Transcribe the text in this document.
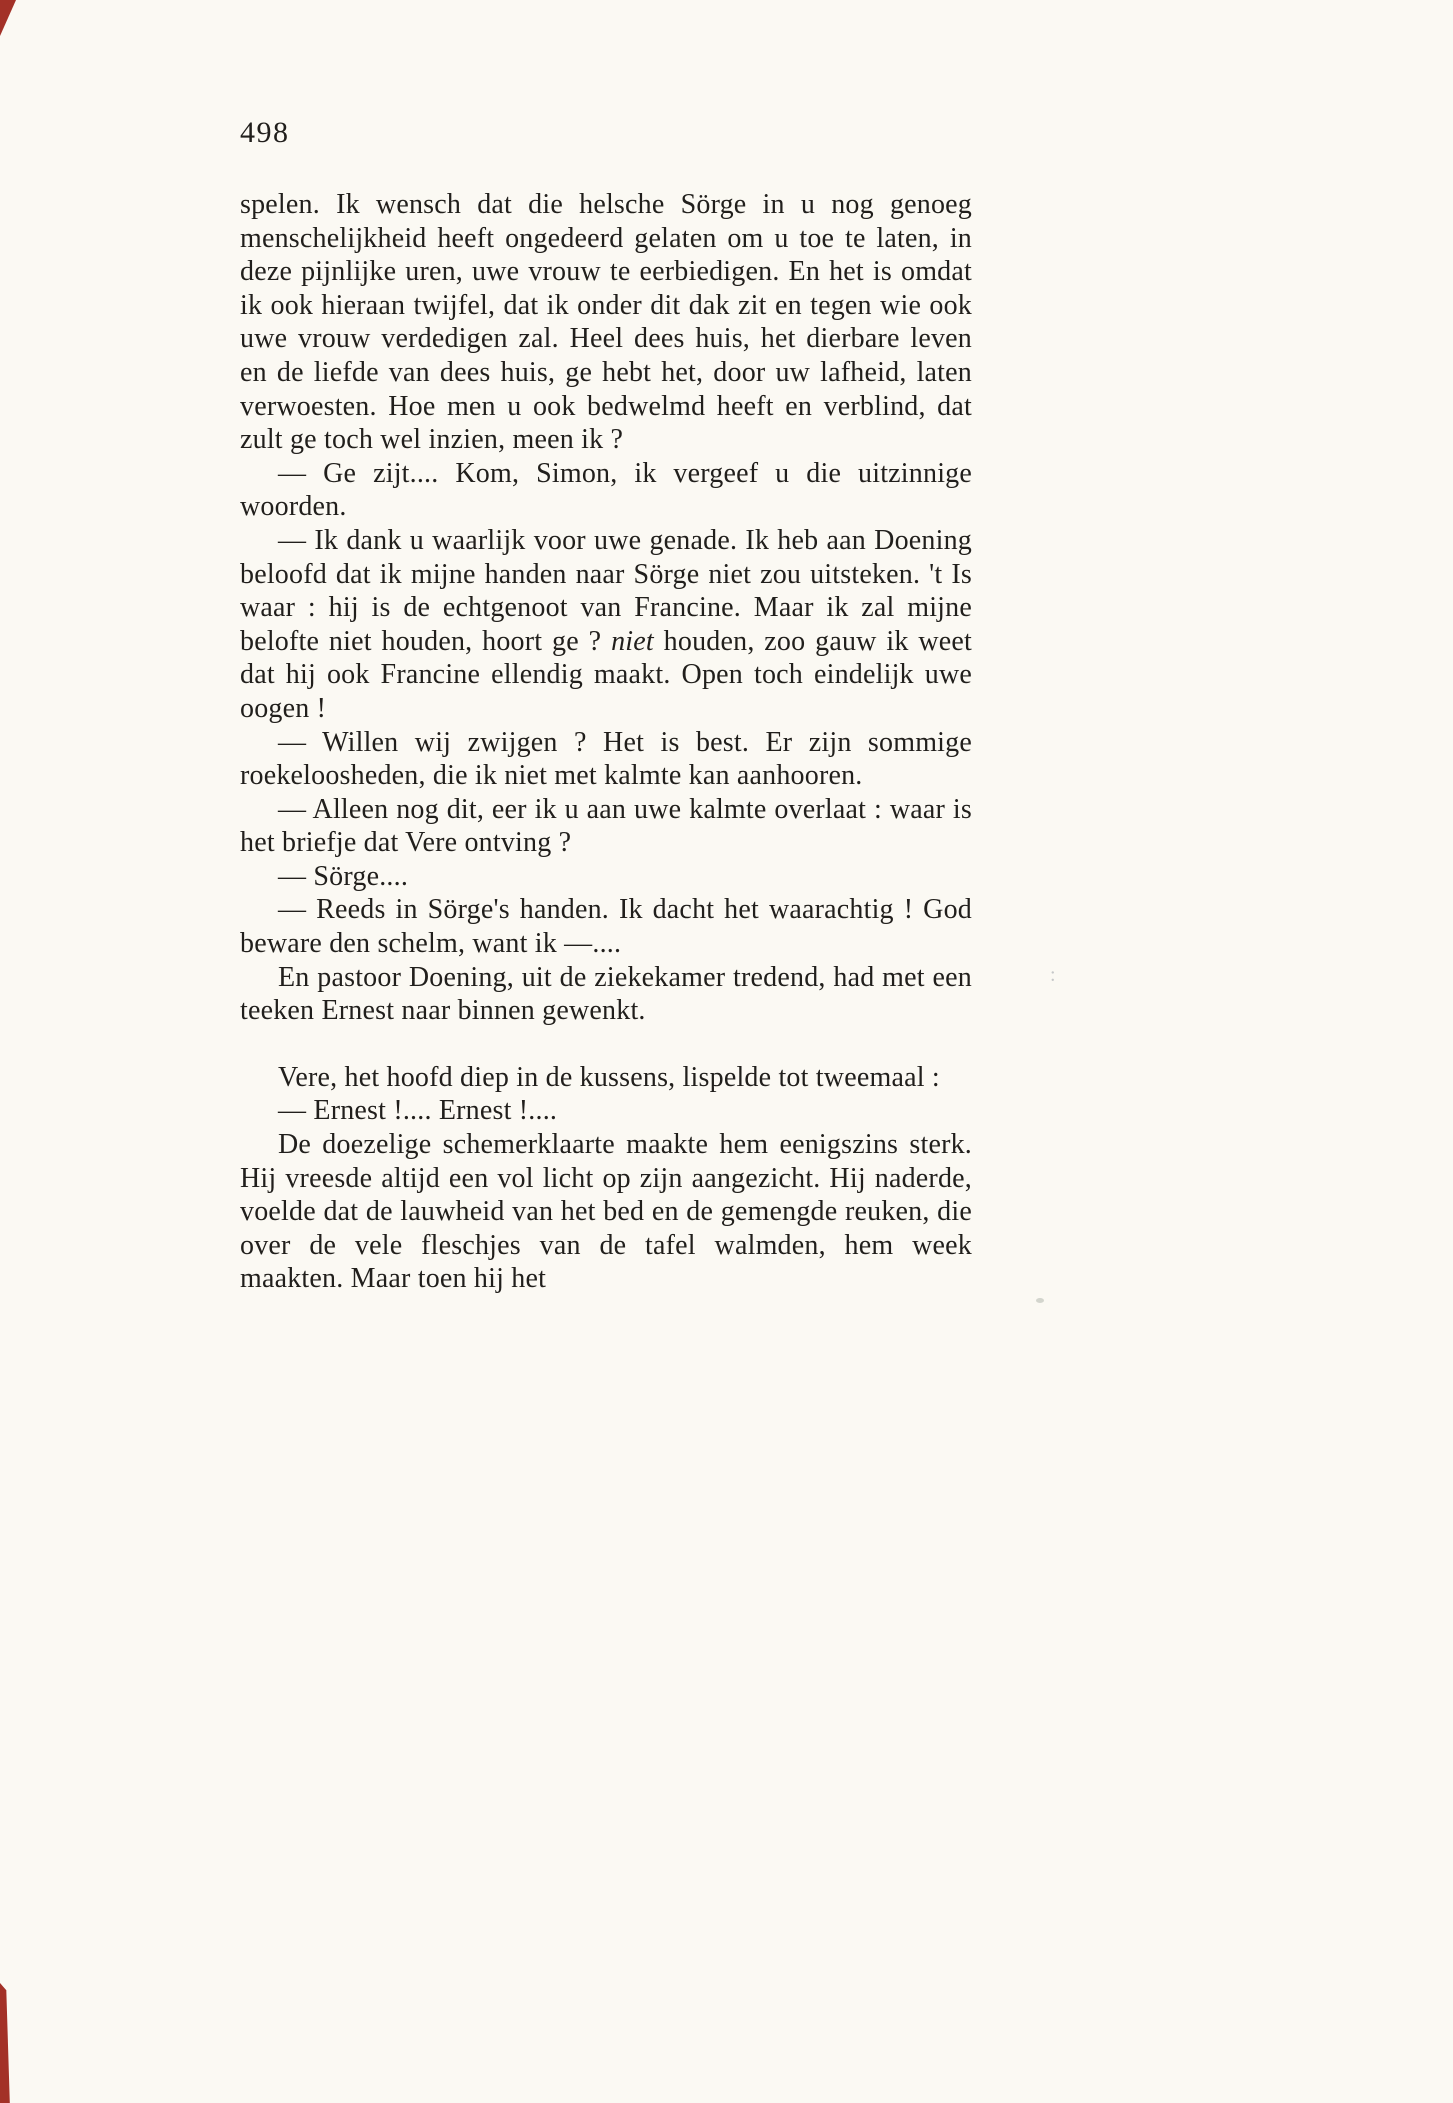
498

spelen. Ik wensch dat die helsche Sörge in u nog genoeg menschelijkheid heeft ongedeerd gelaten om u toe te laten, in deze pijnlijke uren, uwe vrouw te eerbiedigen. En het is omdat ik ook hieraan twijfel, dat ik onder dit dak zit en tegen wie ook uwe vrouw verdedigen zal. Heel dees huis, het dierbare leven en de liefde van dees huis, ge hebt het, door uw lafheid, laten verwoesten. Hoe men u ook bedwelmd heeft en verblind, dat zult ge toch wel inzien, meen ik ?

— Ge zijt.... Kom, Simon, ik vergeef u die uitzinnige woorden.

— Ik dank u waarlijk voor uwe genade. Ik heb aan Doening beloofd dat ik mijne handen naar Sörge niet zou uitsteken. 't Is waar : hij is de echtgenoot van Francine. Maar ik zal mijne belofte niet houden, hoort ge ? niet houden, zoo gauw ik weet dat hij ook Francine ellendig maakt. Open toch eindelijk uwe oogen !

— Willen wij zwijgen ? Het is best. Er zijn sommige roekeloosheden, die ik niet met kalmte kan aanhooren.

— Alleen nog dit, eer ik u aan uwe kalmte overlaat : waar is het briefje dat Vere ontving ?

— Sörge....

— Reeds in Sörge's handen. Ik dacht het waarachtig ! God beware den schelm, want ik —....

En pastoor Doening, uit de ziekekamer tredend, had met een teeken Ernest naar binnen gewenkt.

Vere, het hoofd diep in de kussens, lispelde tot tweemaal :

— Ernest !.... Ernest !....

De doezelige schemerklaarte maakte hem eenigszins sterk. Hij vreesde altijd een vol licht op zijn aangezicht. Hij naderde, voelde dat de lauwheid van het bed en de gemengde reuken, die over de vele fleschjes van de tafel walmden, hem week maakten. Maar toen hij het

:
